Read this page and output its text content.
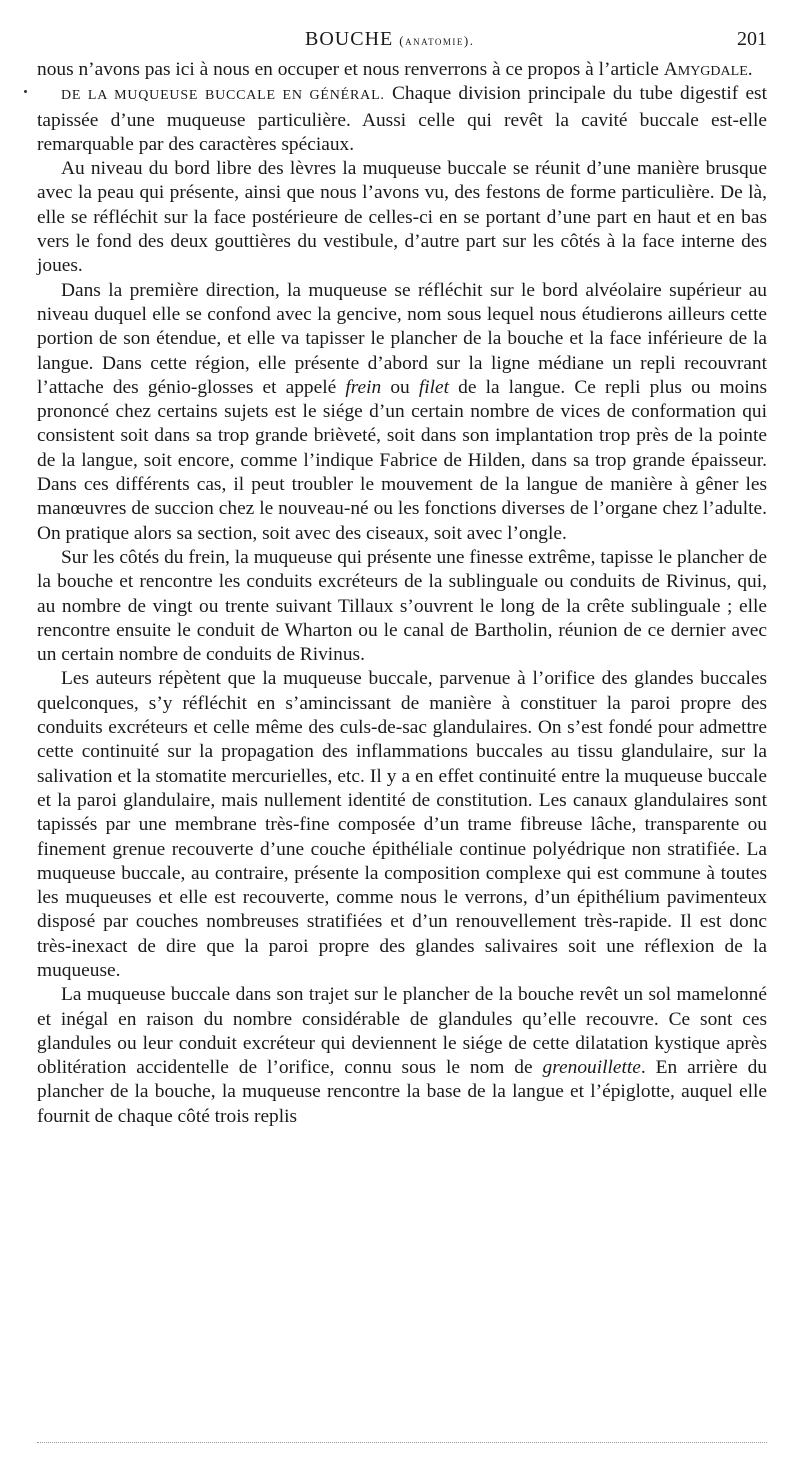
BOUCHE (anatomie).	201

nous n’avons pas ici à nous en occuper et nous renverrons à ce propos à l’article Amygdale.

DE LA MUQUEUSE BUCCALE EN GÉNÉRAL. Chaque division principale du tube digestif est tapissée d’une muqueuse particulière. Aussi celle qui revêt la cavité buccale est-elle remarquable par des caractères spéciaux.

Au niveau du bord libre des lèvres la muqueuse buccale se réunit d’une manière brusque avec la peau qui présente, ainsi que nous l’avons vu, des festons de forme particulière. De là, elle se réfléchit sur la face postérieure de celles-ci en se portant d’une part en haut et en bas vers le fond des deux gouttières du vestibule, d’autre part sur les côtés à la face interne des joues.

Dans la première direction, la muqueuse se réfléchit sur le bord alvéolaire supérieur au niveau duquel elle se confond avec la gencive, nom sous lequel nous étudierons ailleurs cette portion de son étendue, et elle va tapisser le plancher de la bouche et la face inférieure de la langue. Dans cette région, elle présente d’abord sur la ligne médiane un repli recouvrant l’attache des génio-glosses et appelé frein ou filet de la langue. Ce repli plus ou moins prononcé chez certains sujets est le siége d’un certain nombre de vices de conformation qui consistent soit dans sa trop grande brièveté, soit dans son implantation trop près de la pointe de la langue, soit encore, comme l’indique Fabrice de Hilden, dans sa trop grande épaisseur. Dans ces différents cas, il peut troubler le mouvement de la langue de manière à gêner les manœuvres de succion chez le nouveau-né ou les fonctions diverses de l’organe chez l’adulte. On pratique alors sa section, soit avec des ciseaux, soit avec l’ongle.

Sur les côtés du frein, la muqueuse qui présente une finesse extrême, tapisse le plancher de la bouche et rencontre les conduits excréteurs de la sublinguale ou conduits de Rivinus, qui, au nombre de vingt ou trente suivant Tillaux s’ouvrent le long de la crête sublinguale ; elle rencontre ensuite le conduit de Wharton ou le canal de Bartholin, réunion de ce dernier avec un certain nombre de conduits de Rivinus.

Les auteurs répètent que la muqueuse buccale, parvenue à l’orifice des glandes buccales quelconques, s’y réfléchit en s’amincissant de manière à constituer la paroi propre des conduits excréteurs et celle même des culs-de-sac glandulaires. On s’est fondé pour admettre cette continuité sur la propagation des inflammations buccales au tissu glandulaire, sur la salivation et la stomatite mercurielles, etc. Il y a en effet continuité entre la muqueuse buccale et la paroi glandulaire, mais nullement identité de constitution. Les canaux glandulaires sont tapissés par une membrane très-fine composée d’un trame fibreuse lâche, transparente ou finement grenue recouverte d’une couche épithéliale continue polyédrique non stratifiée. La muqueuse buccale, au contraire, présente la composition complexe qui est commune à toutes les muqueuses et elle est recouverte, comme nous le verrons, d’un épithélium pavimenteux disposé par couches nombreuses stratifiées et d’un renouvellement très-rapide. Il est donc très-inexact de dire que la paroi propre des glandes salivaires soit une réflexion de la muqueuse.

La muqueuse buccale dans son trajet sur le plancher de la bouche revêt un sol mamelonné et inégal en raison du nombre considérable de glandules qu’elle recouvre. Ce sont ces glandules ou leur conduit excréteur qui deviennent le siége de cette dilatation kystique après oblitération accidentelle de l’orifice, connu sous le nom de grenouillette. En arrière du plancher de la bouche, la muqueuse rencontre la base de la langue et l’épiglotte, auquel elle fournit de chaque côté trois replis
